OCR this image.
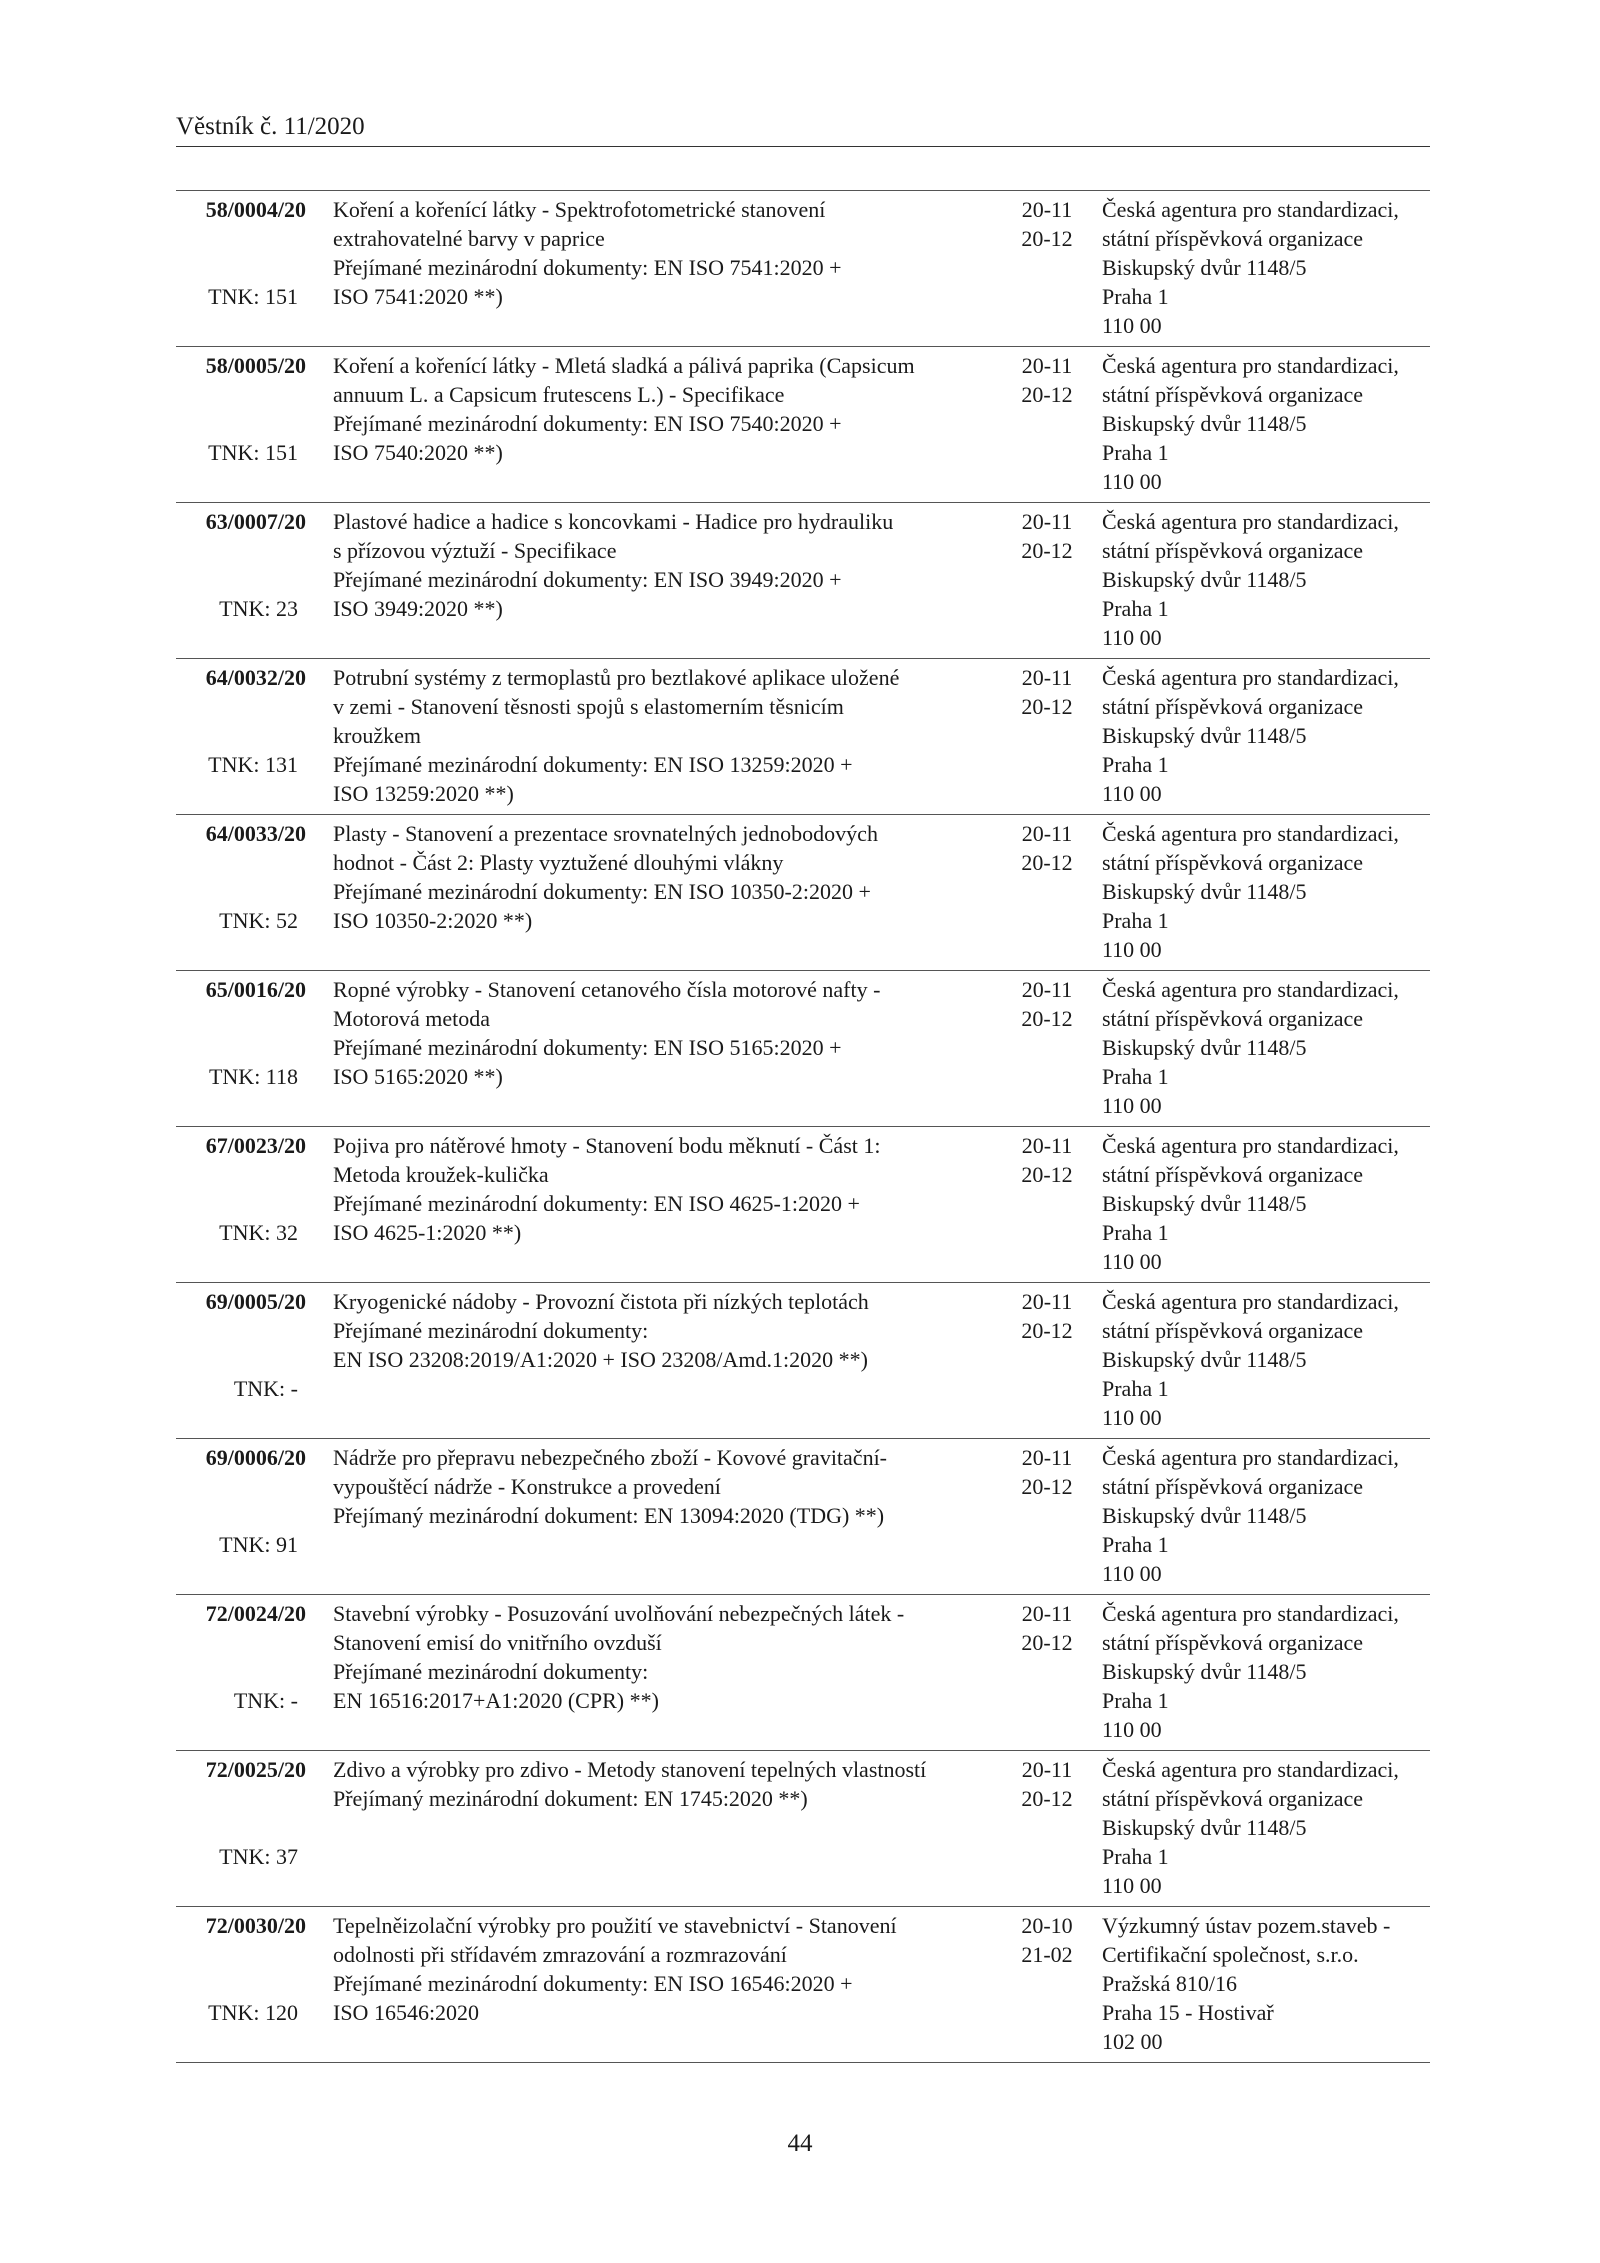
Věstník č. 11/2020
58/0004/20
TNK: 151
Koření a kořenící látky - Spektrofotometrické stanovení
extrahovatelné barvy v paprice
Přejímané mezinárodní dokumenty: EN ISO 7541:2020 +
ISO 7541:2020 **)
20-11
20-12
Česká agentura pro standardizaci,
státní příspěvková organizace
Biskupský dvůr 1148/5
Praha 1
110 00
58/0005/20
TNK: 151
Koření a kořenící látky - Mletá sladká a pálivá paprika (Capsicum
annuum L. a Capsicum frutescens L.) - Specifikace
Přejímané mezinárodní dokumenty: EN ISO 7540:2020 +
ISO 7540:2020 **)
20-11
20-12
Česká agentura pro standardizaci,
státní příspěvková organizace
Biskupský dvůr 1148/5
Praha 1
110 00
63/0007/20
TNK: 23
Plastové hadice a hadice s koncovkami - Hadice pro hydrauliku
s přízovou výztuží - Specifikace
Přejímané mezinárodní dokumenty: EN ISO 3949:2020 +
ISO 3949:2020 **)
20-11
20-12
Česká agentura pro standardizaci,
státní příspěvková organizace
Biskupský dvůr 1148/5
Praha 1
110 00
64/0032/20
TNK: 131
Potrubní systémy z termoplastů pro beztlakové aplikace uložené
v zemi - Stanovení těsnosti spojů s elastomerním těsnicím
kroužkem
Přejímané mezinárodní dokumenty: EN ISO 13259:2020 +
ISO 13259:2020 **)
20-11
20-12
Česká agentura pro standardizaci,
státní příspěvková organizace
Biskupský dvůr 1148/5
Praha 1
110 00
64/0033/20
TNK: 52
Plasty - Stanovení a prezentace srovnatelných jednobodových
hodnot - Část 2: Plasty vyztužené dlouhými vlákny
Přejímané mezinárodní dokumenty: EN ISO 10350-2:2020 +
ISO 10350-2:2020 **)
20-11
20-12
Česká agentura pro standardizaci,
státní příspěvková organizace
Biskupský dvůr 1148/5
Praha 1
110 00
65/0016/20
TNK: 118
Ropné výrobky - Stanovení cetanového čísla motorové nafty -
Motorová metoda
Přejímané mezinárodní dokumenty: EN ISO 5165:2020 +
ISO 5165:2020 **)
20-11
20-12
Česká agentura pro standardizaci,
státní příspěvková organizace
Biskupský dvůr 1148/5
Praha 1
110 00
67/0023/20
TNK: 32
Pojiva pro nátěrové hmoty - Stanovení bodu měknutí - Část 1:
Metoda kroužek-kulička
Přejímané mezinárodní dokumenty: EN ISO 4625-1:2020 +
ISO 4625-1:2020 **)
20-11
20-12
Česká agentura pro standardizaci,
státní příspěvková organizace
Biskupský dvůr 1148/5
Praha 1
110 00
69/0005/20
TNK: -
Kryogenické nádoby - Provozní čistota při nízkých teplotách
Přejímané mezinárodní dokumenty:
EN ISO 23208:2019/A1:2020 + ISO 23208/Amd.1:2020 **)
20-11
20-12
Česká agentura pro standardizaci,
státní příspěvková organizace
Biskupský dvůr 1148/5
Praha 1
110 00
69/0006/20
TNK: 91
Nádrže pro přepravu nebezpečného zboží - Kovové gravitační-
vypouštěcí nádrže - Konstrukce a provedení
Přejímaný mezinárodní dokument: EN 13094:2020 (TDG) **)
20-11
20-12
Česká agentura pro standardizaci,
státní příspěvková organizace
Biskupský dvůr 1148/5
Praha 1
110 00
72/0024/20
TNK: -
Stavební výrobky - Posuzování uvolňování nebezpečných látek -
Stanovení emisí do vnitřního ovzduší
Přejímané mezinárodní dokumenty:
EN 16516:2017+A1:2020 (CPR) **)
20-11
20-12
Česká agentura pro standardizaci,
státní příspěvková organizace
Biskupský dvůr 1148/5
Praha 1
110 00
72/0025/20
TNK: 37
Zdivo a výrobky pro zdivo - Metody stanovení tepelných vlastností
Přejímaný mezinárodní dokument: EN 1745:2020 **)
20-11
20-12
Česká agentura pro standardizaci,
státní příspěvková organizace
Biskupský dvůr 1148/5
Praha 1
110 00
72/0030/20
TNK: 120
Tepelněizolační výrobky pro použití ve stavebnictví - Stanovení
odolnosti při střídavém zmrazování a rozmrazování
Přejímané mezinárodní dokumenty: EN ISO 16546:2020 +
ISO 16546:2020
20-10
21-02
Výzkumný ústav pozem.staveb -
Certifikační společnost, s.r.o.
Pražská 810/16
Praha 15 - Hostivař
102 00
44
